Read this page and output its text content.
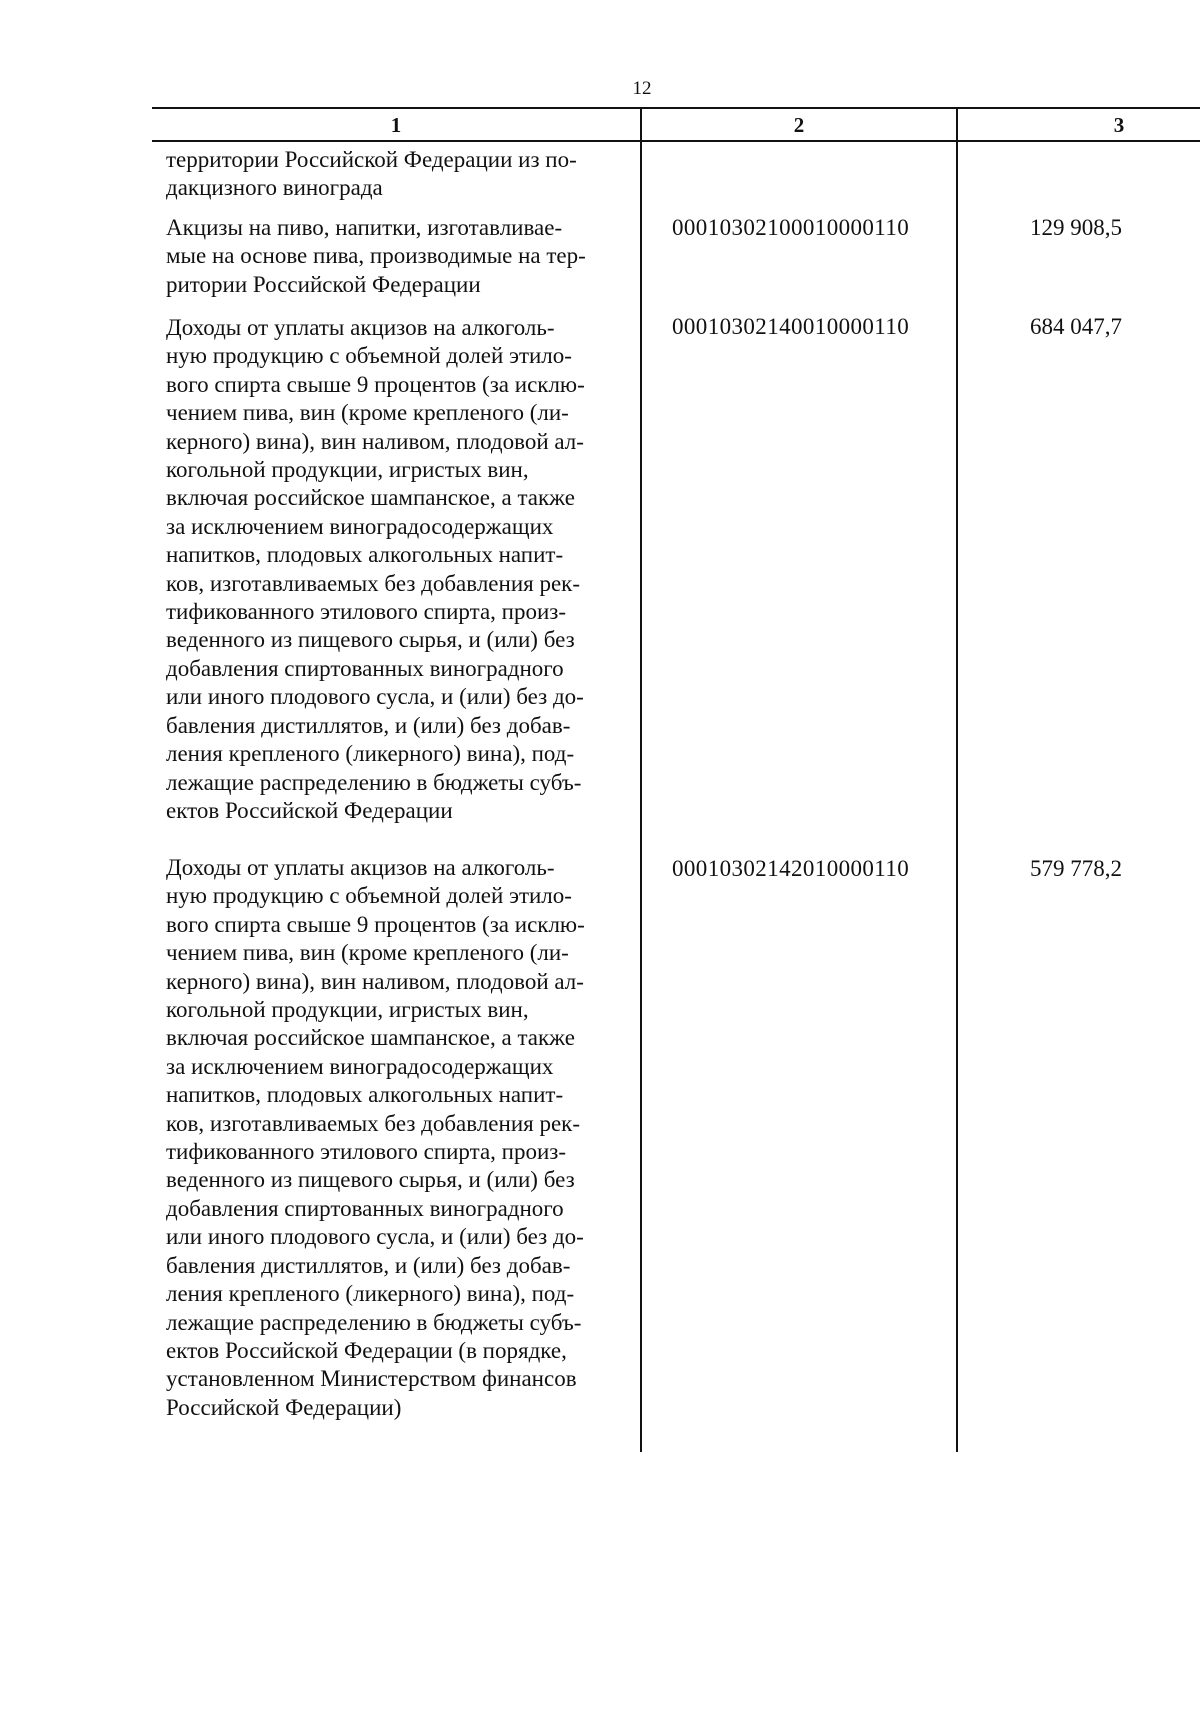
12
1	2	3
территории Российской Федерации из по-
дакцизного винограда
Акцизы на пиво, напитки, изготавливае-
мые на основе пива, производимые на тер-
ритории Российской Федерации
00010302100010000110	129 908,5
Доходы от уплаты акцизов на алкоголь-
ную продукцию с объемной долей этило-
вого спирта свыше 9 процентов (за исклю-
чением пива, вин (кроме крепленого (ли-
керного) вина), вин наливом, плодовой ал-
когольной продукции, игристых вин,
включая российское шампанское, а также
за исключением виноградосодержащих
напитков, плодовых алкогольных напит-
ков, изготавливаемых без добавления рек-
тификованного этилового спирта, произ-
веденного из пищевого сырья, и (или) без
добавления спиртованных виноградного
или иного плодового сусла, и (или) без до-
бавления дистиллятов, и (или) без добав-
ления крепленого (ликерного) вина), под-
лежащие распределению в бюджеты субъ-
ектов Российской Федерации
00010302140010000110	684 047,7
Доходы от уплаты акцизов на алкоголь-
ную продукцию с объемной долей этило-
вого спирта свыше 9 процентов (за исклю-
чением пива, вин (кроме крепленого (ли-
керного) вина), вин наливом, плодовой ал-
когольной продукции, игристых вин,
включая российское шампанское, а также
за исключением виноградосодержащих
напитков, плодовых алкогольных напит-
ков, изготавливаемых без добавления рек-
тификованного этилового спирта, произ-
веденного из пищевого сырья, и (или) без
добавления спиртованных виноградного
или иного плодового сусла, и (или) без до-
бавления дистиллятов, и (или) без добав-
ления крепленого (ликерного) вина), под-
лежащие распределению в бюджеты субъ-
ектов Российской Федерации (в порядке,
установленном Министерством финансов
Российской Федерации)
00010302142010000110	579 778,2
